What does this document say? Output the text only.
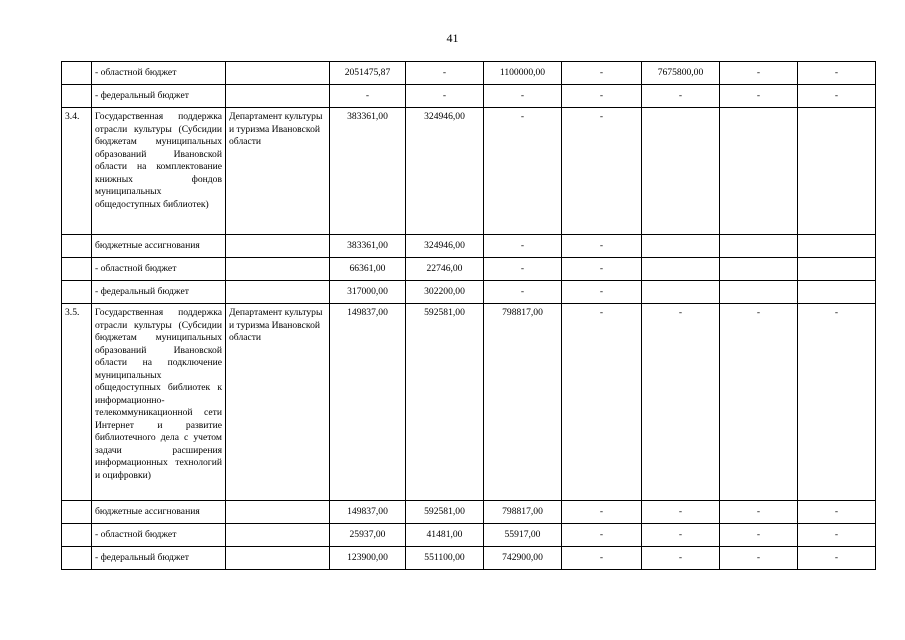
41
	- областной бюджет		2051475,87	-	1100000,00	-	7675800,00	-	-
	- федеральный бюджет		-	-	-	-	-	-	-
3.4.	Государственная поддержка отрасли культуры (Субсидии бюджетам муниципальных образований Ивановской области на комплектование книжных фондов муниципальных общедоступных библиотек)	Департамент культуры и туризма Ивановской области	383361,00	324946,00	-	-			
	бюджетные ассигнования		383361,00	324946,00	-	-			
	- областной бюджет		66361,00	22746,00	-	-			
	- федеральный бюджет		317000,00	302200,00	-	-			
3.5.	Государственная поддержка отрасли культуры (Субсидии бюджетам муниципальных образований Ивановской области на подключение муниципальных общедоступных библиотек к информационно-телекоммуникационной сети Интернет и развитие библиотечного дела с учетом задачи расширения информационных технологий и оцифровки)	Департамент культуры и туризма Ивановской области	149837,00	592581,00	798817,00	-	-	-	-
	бюджетные ассигнования		149837,00	592581,00	798817,00	-	-	-	-
	- областной бюджет		25937,00	41481,00	55917,00	-	-	-	-
	- федеральный бюджет		123900,00	551100,00	742900,00	-	-	-	-
